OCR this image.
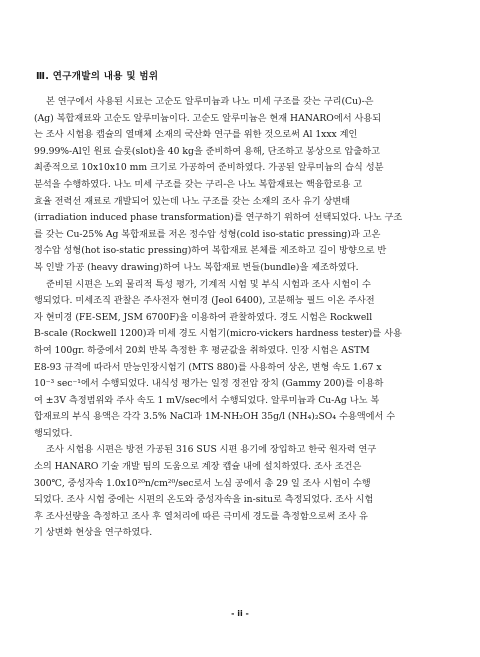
Ⅲ. 연구개발의 내용 및 범위
본 연구에서 사용된 시료는 고순도 알루미늄과 나노 미세 구조를 갖는 구리(Cu)-은
(Ag) 복합재료와 고순도 알루미늄이다. 고순도 알루미늄은 현재 HANARO에서 사용되
는 조사 시험용 캡슐의 열매체 소재의 국산화 연구를 위한 것으로써 Al 1xxx 계인
99.99%-Al인 원료 슬롯(slot)을 40 kg을 준비하여 용해, 단조하고 봉상으로 압출하고
최종적으로 10x10x10 mm 크기로 가공하여 준비하였다. 가공된 알루미늄의 습식 성분
분석을 수행하였다. 나노 미세 구조를 갖는 구리-은 나노 복합재료는 핵융합로용 고
효율 전력선 재료로 개발되어 있는데 나노 구조를 갖는 소재의 조사 유기 상변태
(irradiation induced phase transformation)를 연구하기 위하여 선택되었다. 나노 구조
를 갖는 Cu-25% Ag 복합재료를 저온 정수압 성형(cold iso-static pressing)과 고온
정수압 성형(hot iso-static pressing)하여 복합재료 본체를 제조하고 길이 방향으로 반
복 인발 가공 (heavy drawing)하여 나노 복합재료 번들(bundle)을 제조하였다.
준비된 시편은 노외 물리적 특성 평가, 기계적 시험 및 부식 시험과 조사 시험이 수
행되었다. 미세조직 관찰은 주사전자 현미경 (Jeol 6400), 고분해능 필드 이온 주사전
자 현미경 (FE-SEM, JSM 6700F)을 이용하여 관찰하였다. 경도 시험은 Rockwell
B-scale (Rockwell 1200)과 미세 경도 시험기(micro-vickers hardness tester)를 사용
하여 100gr. 하중에서 20회 반복 측정한 후 평균값을 취하였다. 인장 시험은 ASTM
E8-93 규격에 따라서 만능인장시험기 (MTS 880)를 사용하여 상온, 변형 속도 1.67 x
10⁻³ sec⁻¹에서 수행되었다. 내식성 평가는 일정 정전압 장치 (Gammy 200)를 이용하
여 ±3V 측정범위와 주사 속도 1 mV/sec에서 수행되었다. 알루미늄과 Cu-Ag 나노 복
합재료의 부식 용액은 각각 3.5% NaCl과 1M-NH₂OH 35g/l (NH₄)₂SO₄ 수용액에서 수
행되었다.
조사 시험용 시편은 방전 가공된 316 SUS 시편 용기에 장입하고 한국 원자력 연구
소의 HANARO 기술 개발 팀의 도움으로 계장 캡슐 내에 설치하였다. 조사 조건은
300℃, 중성자속 1.0x10²⁰n/cm²⁰/sec로서 노심 공에서 총 29 일 조사 시험이 수행
되었다. 조사 시험 중에는 시편의 온도와 중성자속을 in-situ로 측정되었다. 조사 시험
후 조사선량을 측정하고 조사 후 열처리에 따른 극미세 경도를 측정함으로써 조사 유
기 상변화 현상을 연구하였다.
- ii -
